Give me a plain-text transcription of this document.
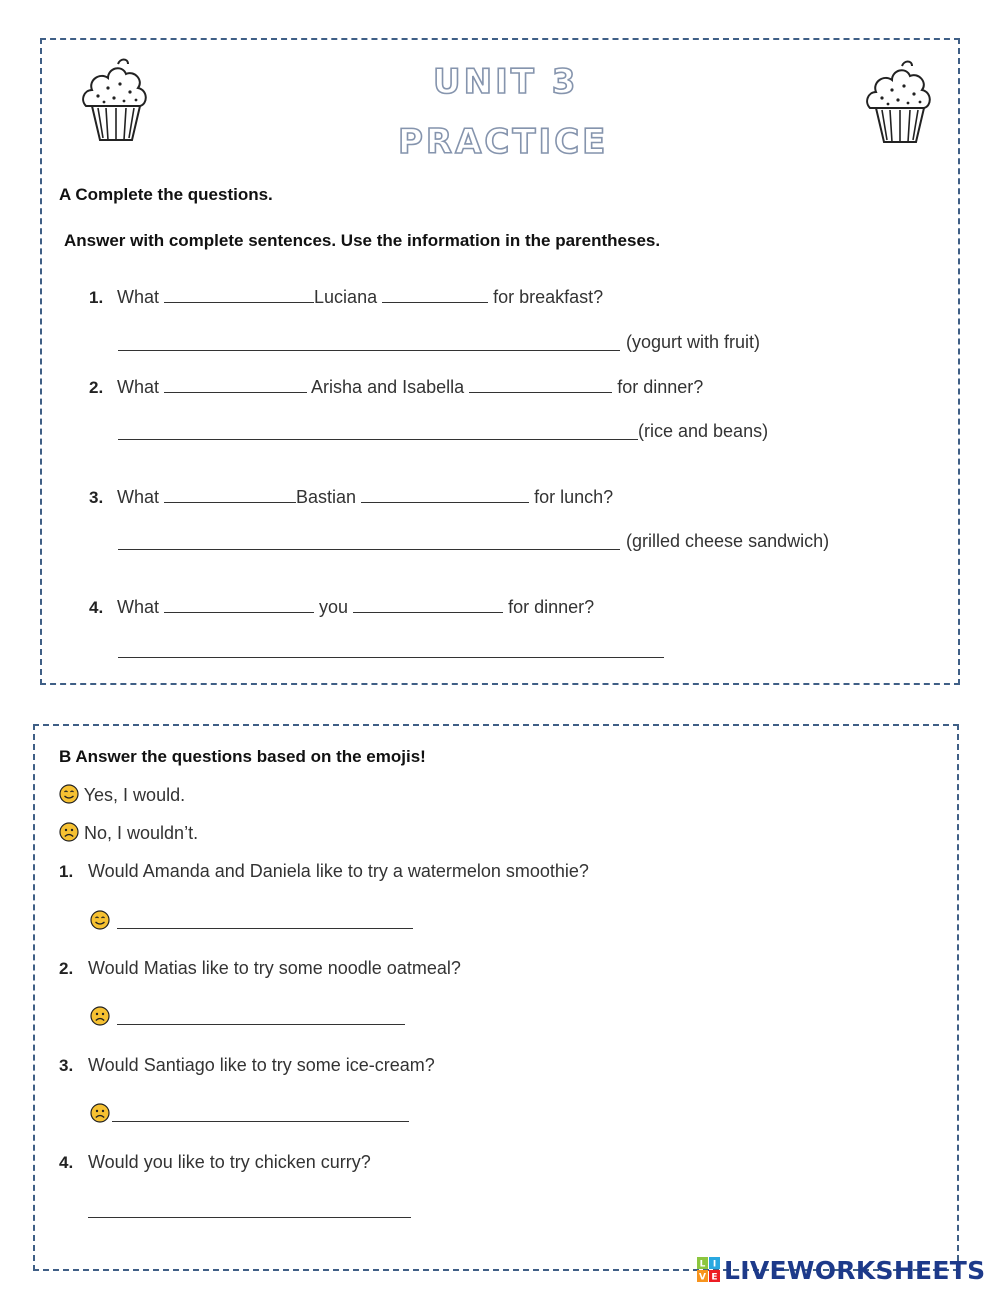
UNIT 3
PRACTICE
A Complete the questions.
Answer with complete sentences. Use the information in the parentheses.
1. What	Luciana	for breakfast?
(yogurt with fruit)
2. What	Arisha and Isabella	for dinner?
(rice and beans)
3. What	Bastian	for lunch?
(grilled cheese sandwich)
4. What	you	for dinner?
B Answer the questions based on the emojis!
Yes, I would.
No, I wouldn’t.
1. Would Amanda and Daniela like to try a watermelon smoothie?
2. Would Matias like to try some noodle oatmeal?
3. Would Santiago like to try some ice-cream?
4. Would you like to try chicken curry?
L I
V E LIVEWORKSHEETS
